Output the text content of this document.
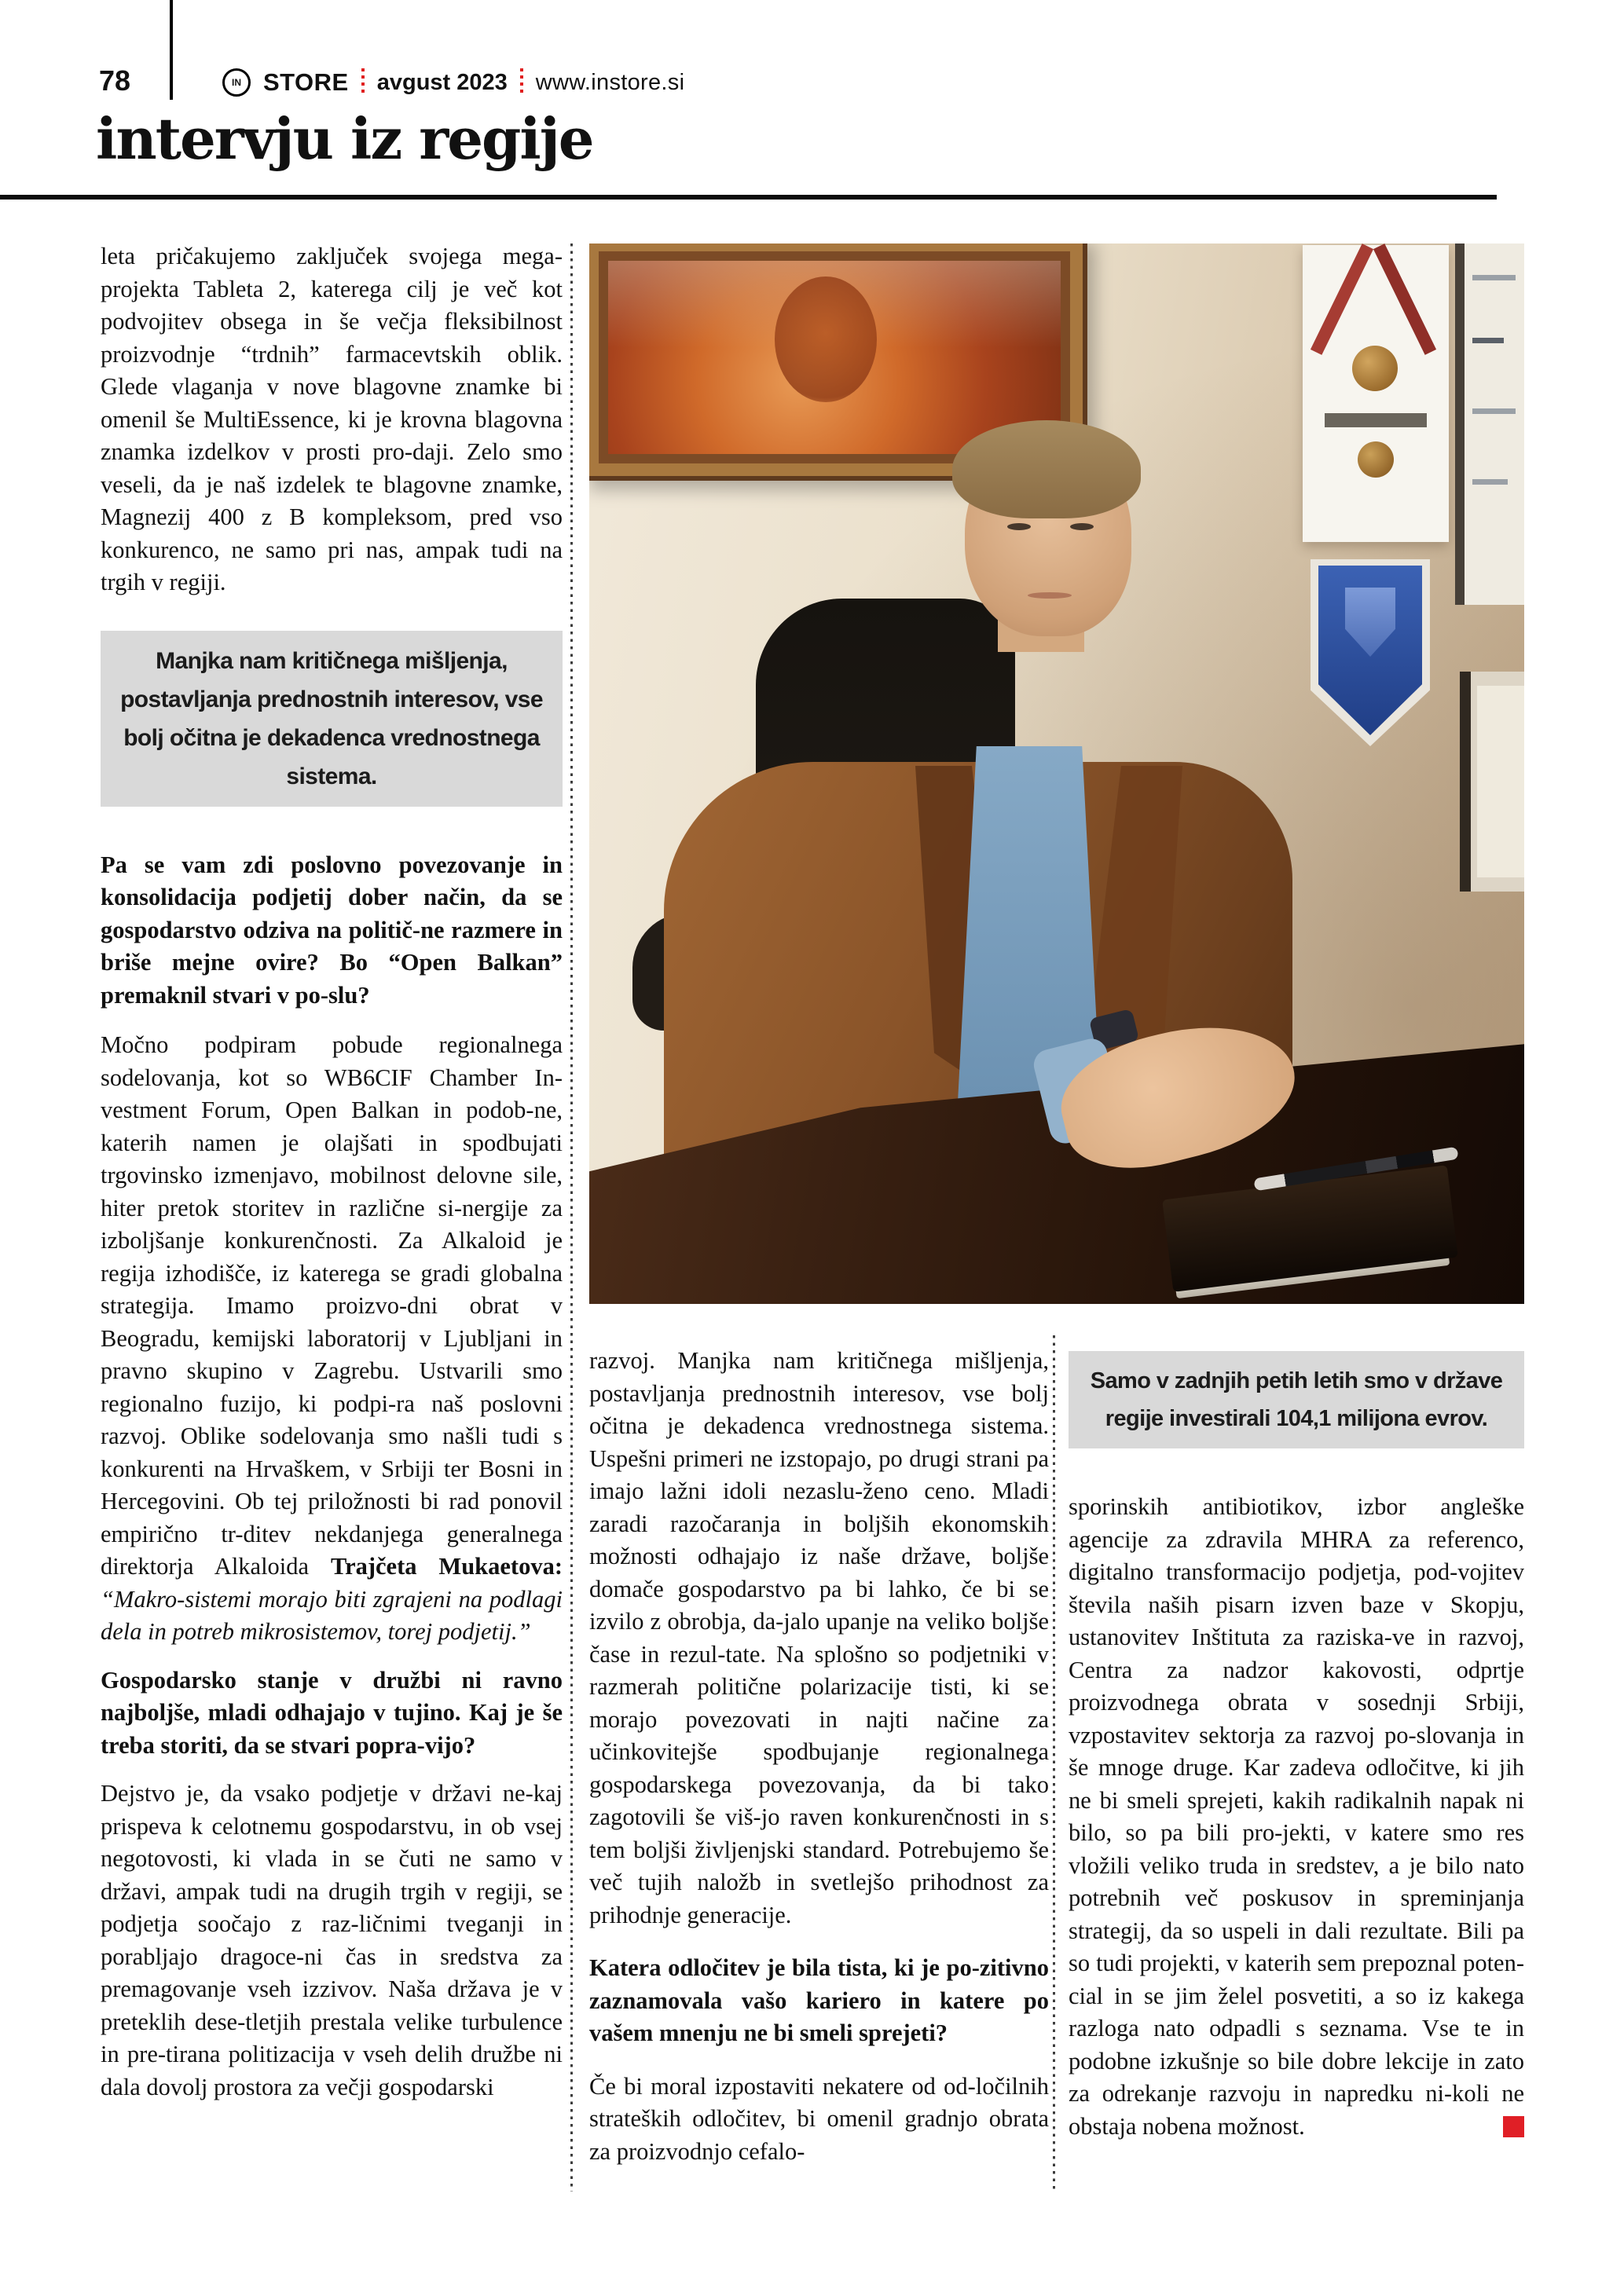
78	IN STORE avgust 2023 www.instore.si
intervju iz regije

leta pričakujemo zaključek svojega mega-projekta Tableta 2, katerega cilj je več kot podvojitev obsega in še večja fleksibilnost proizvodnje “trdnih” farmacevtskih oblik. Glede vlaganja v nove blagovne znamke bi omenil še MultiEssence, ki je krovna blagovna znamka izdelkov v prosti pro-daji. Zelo smo veseli, da je naš izdelek te blagovne znamke, Magnezij 400 z B kompleksom, pred vso konkurenco, ne samo pri nas, ampak tudi na trgih v regiji.

Manjka nam kritičnega mišljenja, postavljanja prednostnih interesov, vse bolj očitna je dekadenca vrednostnega sistema.

Pa se vam zdi poslovno povezovanje in konsolidacija podjetij dober način, da se gospodarstvo odziva na politič-ne razmere in briše mejne ovire? Bo “Open Balkan” premaknil stvari v po-slu?

Močno podpiram pobude regionalnega sodelovanja, kot so WB6CIF Chamber In-vestment Forum, Open Balkan in podob-ne, katerih namen je olajšati in spodbujati trgovinsko izmenjavo, mobilnost delovne sile, hiter pretok storitev in različne si-nergije za izboljšanje konkurenčnosti. Za Alkaloid je regija izhodišče, iz katerega se gradi globalna strategija. Imamo proizvo-dni obrat v Beogradu, kemijski laboratorij v Ljubljani in pravno skupino v Zagrebu. Ustvarili smo regionalno fuzijo, ki podpi-ra naš poslovni razvoj. Oblike sodelovanja smo našli tudi s konkurenti na Hrvaškem, v Srbiji ter Bosni in Hercegovini. Ob tej priložnosti bi rad ponovil empirično tr-ditev nekdanjega generalnega direktorja Alkaloida Trajčeta Mukaetova: “Makro-sistemi morajo biti zgrajeni na podlagi dela in potreb mikrosistemov, torej podjetij.”

Gospodarsko stanje v družbi ni ravno najboljše, mladi odhajajo v tujino. Kaj je še treba storiti, da se stvari popra-vijo?

Dejstvo je, da vsako podjetje v državi ne-kaj prispeva k celotnemu gospodarstvu, in ob vsej negotovosti, ki vlada in se čuti ne samo v državi, ampak tudi na drugih trgih v regiji, se podjetja soočajo z raz-ličnimi tveganji in porabljajo dragoce-ni čas in sredstva za premagovanje vseh izzivov. Naša država je v preteklih dese-tletjih prestala velike turbulence in pre-tirana politizacija v vseh delih družbe ni dala dovolj prostora za večji gospodarski

razvoj. Manjka nam kritičnega mišljenja, postavljanja prednostnih interesov, vse bolj očitna je dekadenca vrednostnega sistema. Uspešni primeri ne izstopajo, po drugi strani pa imajo lažni idoli nezaslu-ženo ceno. Mladi zaradi razočaranja in boljših ekonomskih možnosti odhajajo iz naše države, boljše domače gospodarstvo pa bi lahko, če bi se izvilo z obrobja, da-jalo upanje na veliko boljše čase in rezul-tate. Na splošno so podjetniki v razmerah politične polarizacije tisti, ki se morajo povezovati in najti načine za učinkovitejše spodbujanje regionalnega gospodarskega povezovanja, da bi tako zagotovili še viš-jo raven konkurenčnosti in s tem boljši življenjski standard. Potrebujemo še več tujih naložb in svetlejšo prihodnost za prihodnje generacije.

Katera odločitev je bila tista, ki je po-zitivno zaznamovala vašo kariero in katere po vašem mnenju ne bi smeli sprejeti?

Če bi moral izpostaviti nekatere od od-ločilnih strateških odločitev, bi omenil gradnjo obrata za proizvodnjo cefalo-

Samo v zadnjih petih letih smo v države regije investirali 104,1 milijona evrov.

sporinskih antibiotikov, izbor angleške agencije za zdravila MHRA za referenco, digitalno transformacijo podjetja, pod-vojitev števila naših pisarn izven baze v Skopju, ustanovitev Inštituta za raziska-ve in razvoj, Centra za nadzor kakovosti, odprtje proizvodnega obrata v sosednji Srbiji, vzpostavitev sektorja za razvoj po-slovanja in še mnoge druge. Kar zadeva odločitve, ki jih ne bi smeli sprejeti, kakih radikalnih napak ni bilo, so pa bili pro-jekti, v katere smo res vložili veliko truda in sredstev, a je bilo nato potrebnih več poskusov in spreminjanja strategij, da so uspeli in dali rezultate. Bili pa so tudi projekti, v katerih sem prepoznal poten-cial in se jim želel posvetiti, a so iz kakega razloga nato odpadli s seznama. Vse te in podobne izkušnje so bile dobre lekcije in zato za odrekanje razvoju in napredku ni-koli ne obstaja nobena možnost.
